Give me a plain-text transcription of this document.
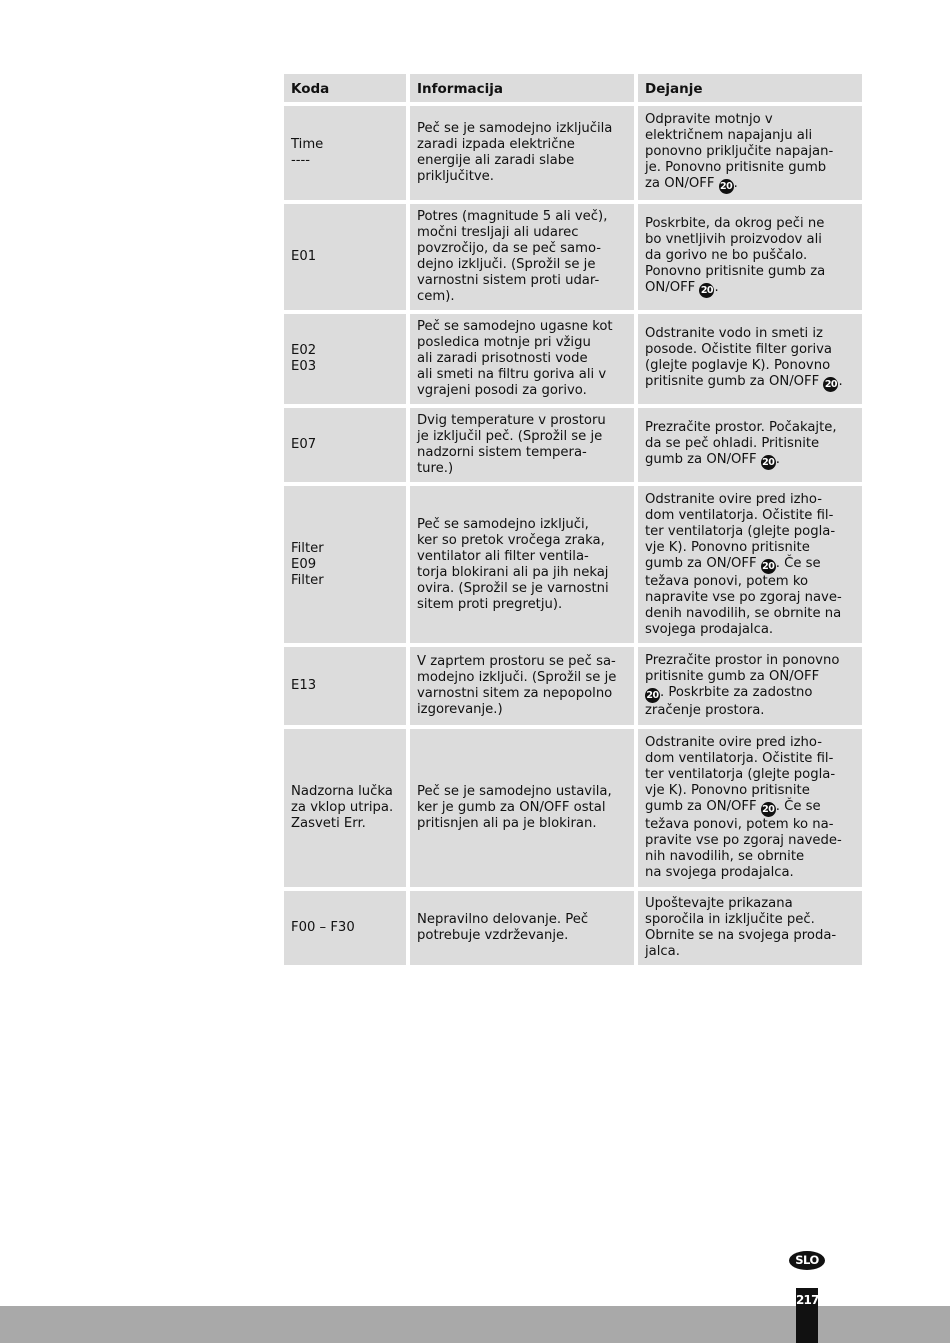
Koda	Informacija	Dejanje
Time
----
Peč se je samodejno izključila
zaradi izpada električne
energije ali zaradi slabe
priključitve.
Odpravite motnjo v
električnem napajanju ali
ponovno priključite napajan-
je. Ponovno pritisnite gumb
za ON/OFF 20.
E01
Potres (magnitude 5 ali več),
močni tresljaji ali udarec
povzročijo, da se peč samo-
dejno izključi. (Sprožil se je
varnostni sistem proti udar-
cem).
Poskrbite, da okrog peči ne
bo vnetljivih proizvodov ali
da gorivo ne bo puščalo.
Ponovno pritisnite gumb za
ON/OFF 20.
E02
E03
Peč se samodejno ugasne kot
posledica motnje pri vžigu
ali zaradi prisotnosti vode
ali smeti na filtru goriva ali v
vgrajeni posodi za gorivo.
Odstranite vodo in smeti iz
posode. Očistite filter goriva
(glejte poglavje K). Ponovno
pritisnite gumb za ON/OFF 20.
E07
Dvig temperature v prostoru
je izključil peč. (Sprožil se je
nadzorni sistem tempera-
ture.)
Prezračite prostor. Počakajte,
da se peč ohladi. Pritisnite
gumb za ON/OFF 20.
Filter
E09
Filter
Peč se samodejno izključi,
ker so pretok vročega zraka,
ventilator ali filter ventila-
torja blokirani ali pa jih nekaj
ovira. (Sprožil se je varnostni
sitem proti pregretju).
Odstranite ovire pred izho-
dom ventilatorja. Očistite fil-
ter ventilatorja (glejte pogla-
vje K). Ponovno pritisnite
gumb za ON/OFF 20. Če se
težava ponovi, potem ko
napravite vse po zgoraj nave-
denih navodilih, se obrnite na
svojega prodajalca.
E13
V zaprtem prostoru se peč sa-
modejno izključi. (Sprožil se je
varnostni sitem za nepopolno
izgorevanje.)
Prezračite prostor in ponovno
pritisnite gumb za ON/OFF
20. Poskrbite za zadostno
zračenje prostora.
Nadzorna lučka
za vklop utripa.
Zasveti Err.
Peč se je samodejno ustavila,
ker je gumb za ON/OFF ostal
pritisnjen ali pa je blokiran.
Odstranite ovire pred izho-
dom ventilatorja. Očistite fil-
ter ventilatorja (glejte pogla-
vje K). Ponovno pritisnite
gumb za ON/OFF 20. Če se
težava ponovi, potem ko na-
pravite vse po zgoraj navede-
nih navodilih, se obrnite
na svojega prodajalca.
F00 – F30
Nepravilno delovanje. Peč
potrebuje vzdrževanje.
Upoštevajte prikazana
sporočila in izključite peč.
Obrnite se na svojega proda-
jalca.
SLO
217
